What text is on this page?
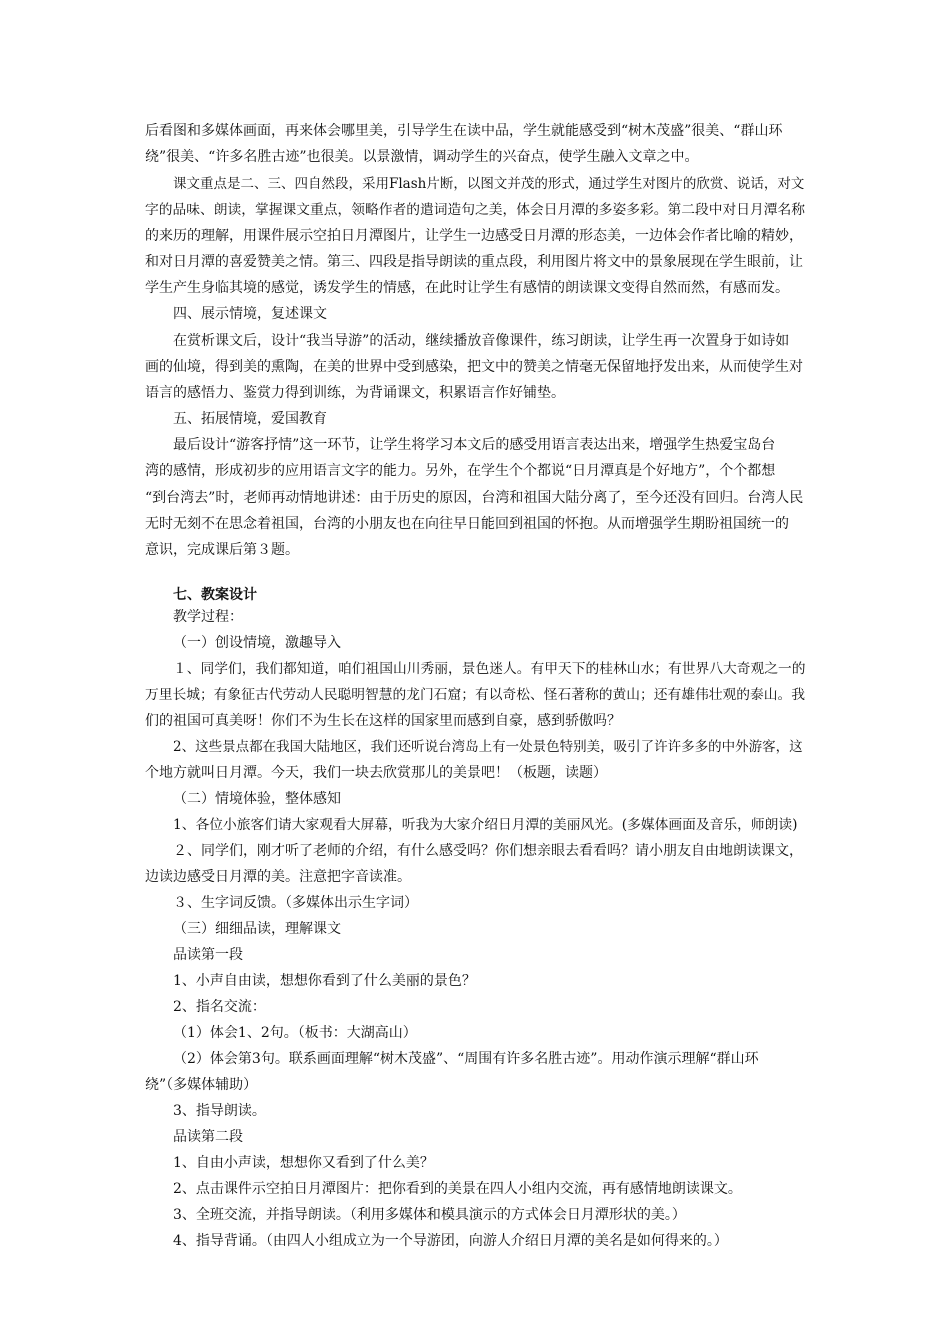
后看图和多媒体画面，再来体会哪里美，引导学生在读中品，学生就能感受到“树木茂盛”很美、“群山环
绕”很美、“许多名胜古迹”也很美。以景激情，调动学生的兴奋点，使学生融入文章之中。
课文重点是二、三、四自然段，采用Flash片断，以图文并茂的形式，通过学生对图片的欣赏、说话，对文
字的品味、朗读，掌握课文重点，领略作者的遣词造句之美，体会日月潭的多姿多彩。第二段中对日月潭名称
的来历的理解，用课件展示空拍日月潭图片，让学生一边感受日月潭的形态美，一边体会作者比喻的精妙，
和对日月潭的喜爱赞美之情。第三、四段是指导朗读的重点段，利用图片将文中的景象展现在学生眼前，让
学生产生身临其境的感觉，诱发学生的情感，在此时让学生有感情的朗读课文变得自然而然，有感而发。
四、展示情境，复述课文
在赏析课文后，设计“我当导游”的活动，继续播放音像课件，练习朗读，让学生再一次置身于如诗如
画的仙境，得到美的熏陶，在美的世界中受到感染，把文中的赞美之情毫无保留地抒发出来，从而使学生对
语言的感悟力、鉴赏力得到训练，为背诵课文，积累语言作好铺垫。
五、拓展情境，爱国教育
最后设计“游客抒情”这一环节，让学生将学习本文后的感受用语言表达出来，增强学生热爱宝岛台
湾的感情，形成初步的应用语言文字的能力。另外，在学生个个都说“日月潭真是个好地方”，个个都想
“到台湾去”时，老师再动情地讲述：由于历史的原因，台湾和祖国大陆分离了，至今还没有回归。台湾人民
无时无刻不在思念着祖国，台湾的小朋友也在向往早日能回到祖国的怀抱。从而增强学生期盼祖国统一的
意识，完成课后第３题。
七、教案设计
教学过程：
（一）创设情境，激趣导入
１、同学们，我们都知道，咱们祖国山川秀丽，景色迷人。有甲天下的桂林山水；有世界八大奇观之一的
万里长城；有象征古代劳动人民聪明智慧的龙门石窟；有以奇松、怪石著称的黄山；还有雄伟壮观的泰山。我
们的祖国可真美呀！你们不为生长在这样的国家里而感到自豪，感到骄傲吗？
2、这些景点都在我国大陆地区，我们还听说台湾岛上有一处景色特别美，吸引了许许多多的中外游客，这
个地方就叫日月潭。今天，我们一块去欣赏那儿的美景吧！（板题，读题）
（二）情境体验，整体感知
1、各位小旅客们请大家观看大屏幕，听我为大家介绍日月潭的美丽风光。(多媒体画面及音乐，师朗读)
２、同学们，刚才听了老师的介绍，有什么感受吗？你们想亲眼去看看吗？请小朋友自由地朗读课文，
边读边感受日月潭的美。注意把字音读准。
３、生字词反馈。（多媒体出示生字词）
（三）细细品读，理解课文
品读第一段
1、小声自由读，想想你看到了什么美丽的景色？
2、指名交流：
（1）体会1、2句。（板书：大湖高山）
（2）体会第3句。联系画面理解“树木茂盛”、“周围有许多名胜古迹”。用动作演示理解“群山环
绕”（多媒体辅助）
3、指导朗读。
品读第二段
1、自由小声读，想想你又看到了什么美？
2、点击课件示空拍日月潭图片：把你看到的美景在四人小组内交流，再有感情地朗读课文。
3、全班交流，并指导朗读。（利用多媒体和模具演示的方式体会日月潭形状的美。）
4、指导背诵。（由四人小组成立为一个导游团，向游人介绍日月潭的美名是如何得来的。）
